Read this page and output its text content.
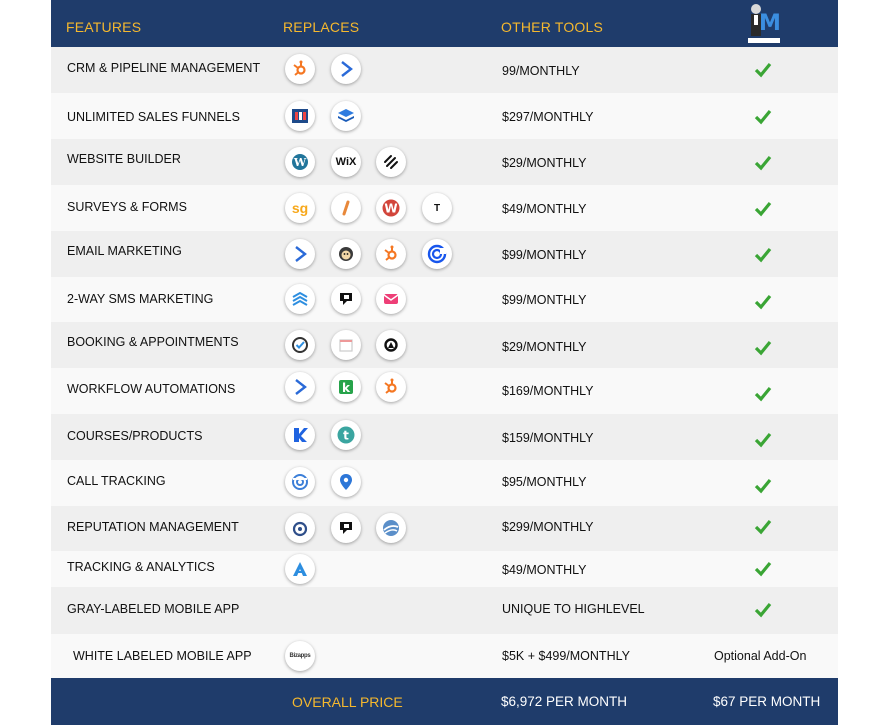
FEATURES	REPLACES	OTHER TOOLS	M
CRM & PIPELINE MANAGEMENT	99/MONTHLY
UNLIMITED SALES FUNNELS	$297/MONTHLY
WEBSITE BUILDER	W	WiX	$29/MONTHLY
SURVEYS & FORMS	sg	W	T	$49/MONTHLY
EMAIL MARKETING	$99/MONTHLY
2-WAY SMS MARKETING	$99/MONTHLY
BOOKING & APPOINTMENTS	$29/MONTHLY
WORKFLOW AUTOMATIONS	k	$169/MONTHLY
COURSES/PRODUCTS	t	$159/MONTHLY
CALL TRACKING	$95/MONTHLY
REPUTATION MANAGEMENT	$299/MONTHLY
TRACKING & ANALYTICS	$49/MONTHLY
GRAY-LABELED MOBILE APP	UNIQUE TO HIGHLEVEL
WHITE LABELED MOBILE APP	Bizapps	$5K + $499/MONTHLY	Optional Add-On
OVERALL PRICE	$6,972 PER MONTH	$67 PER MONTH
